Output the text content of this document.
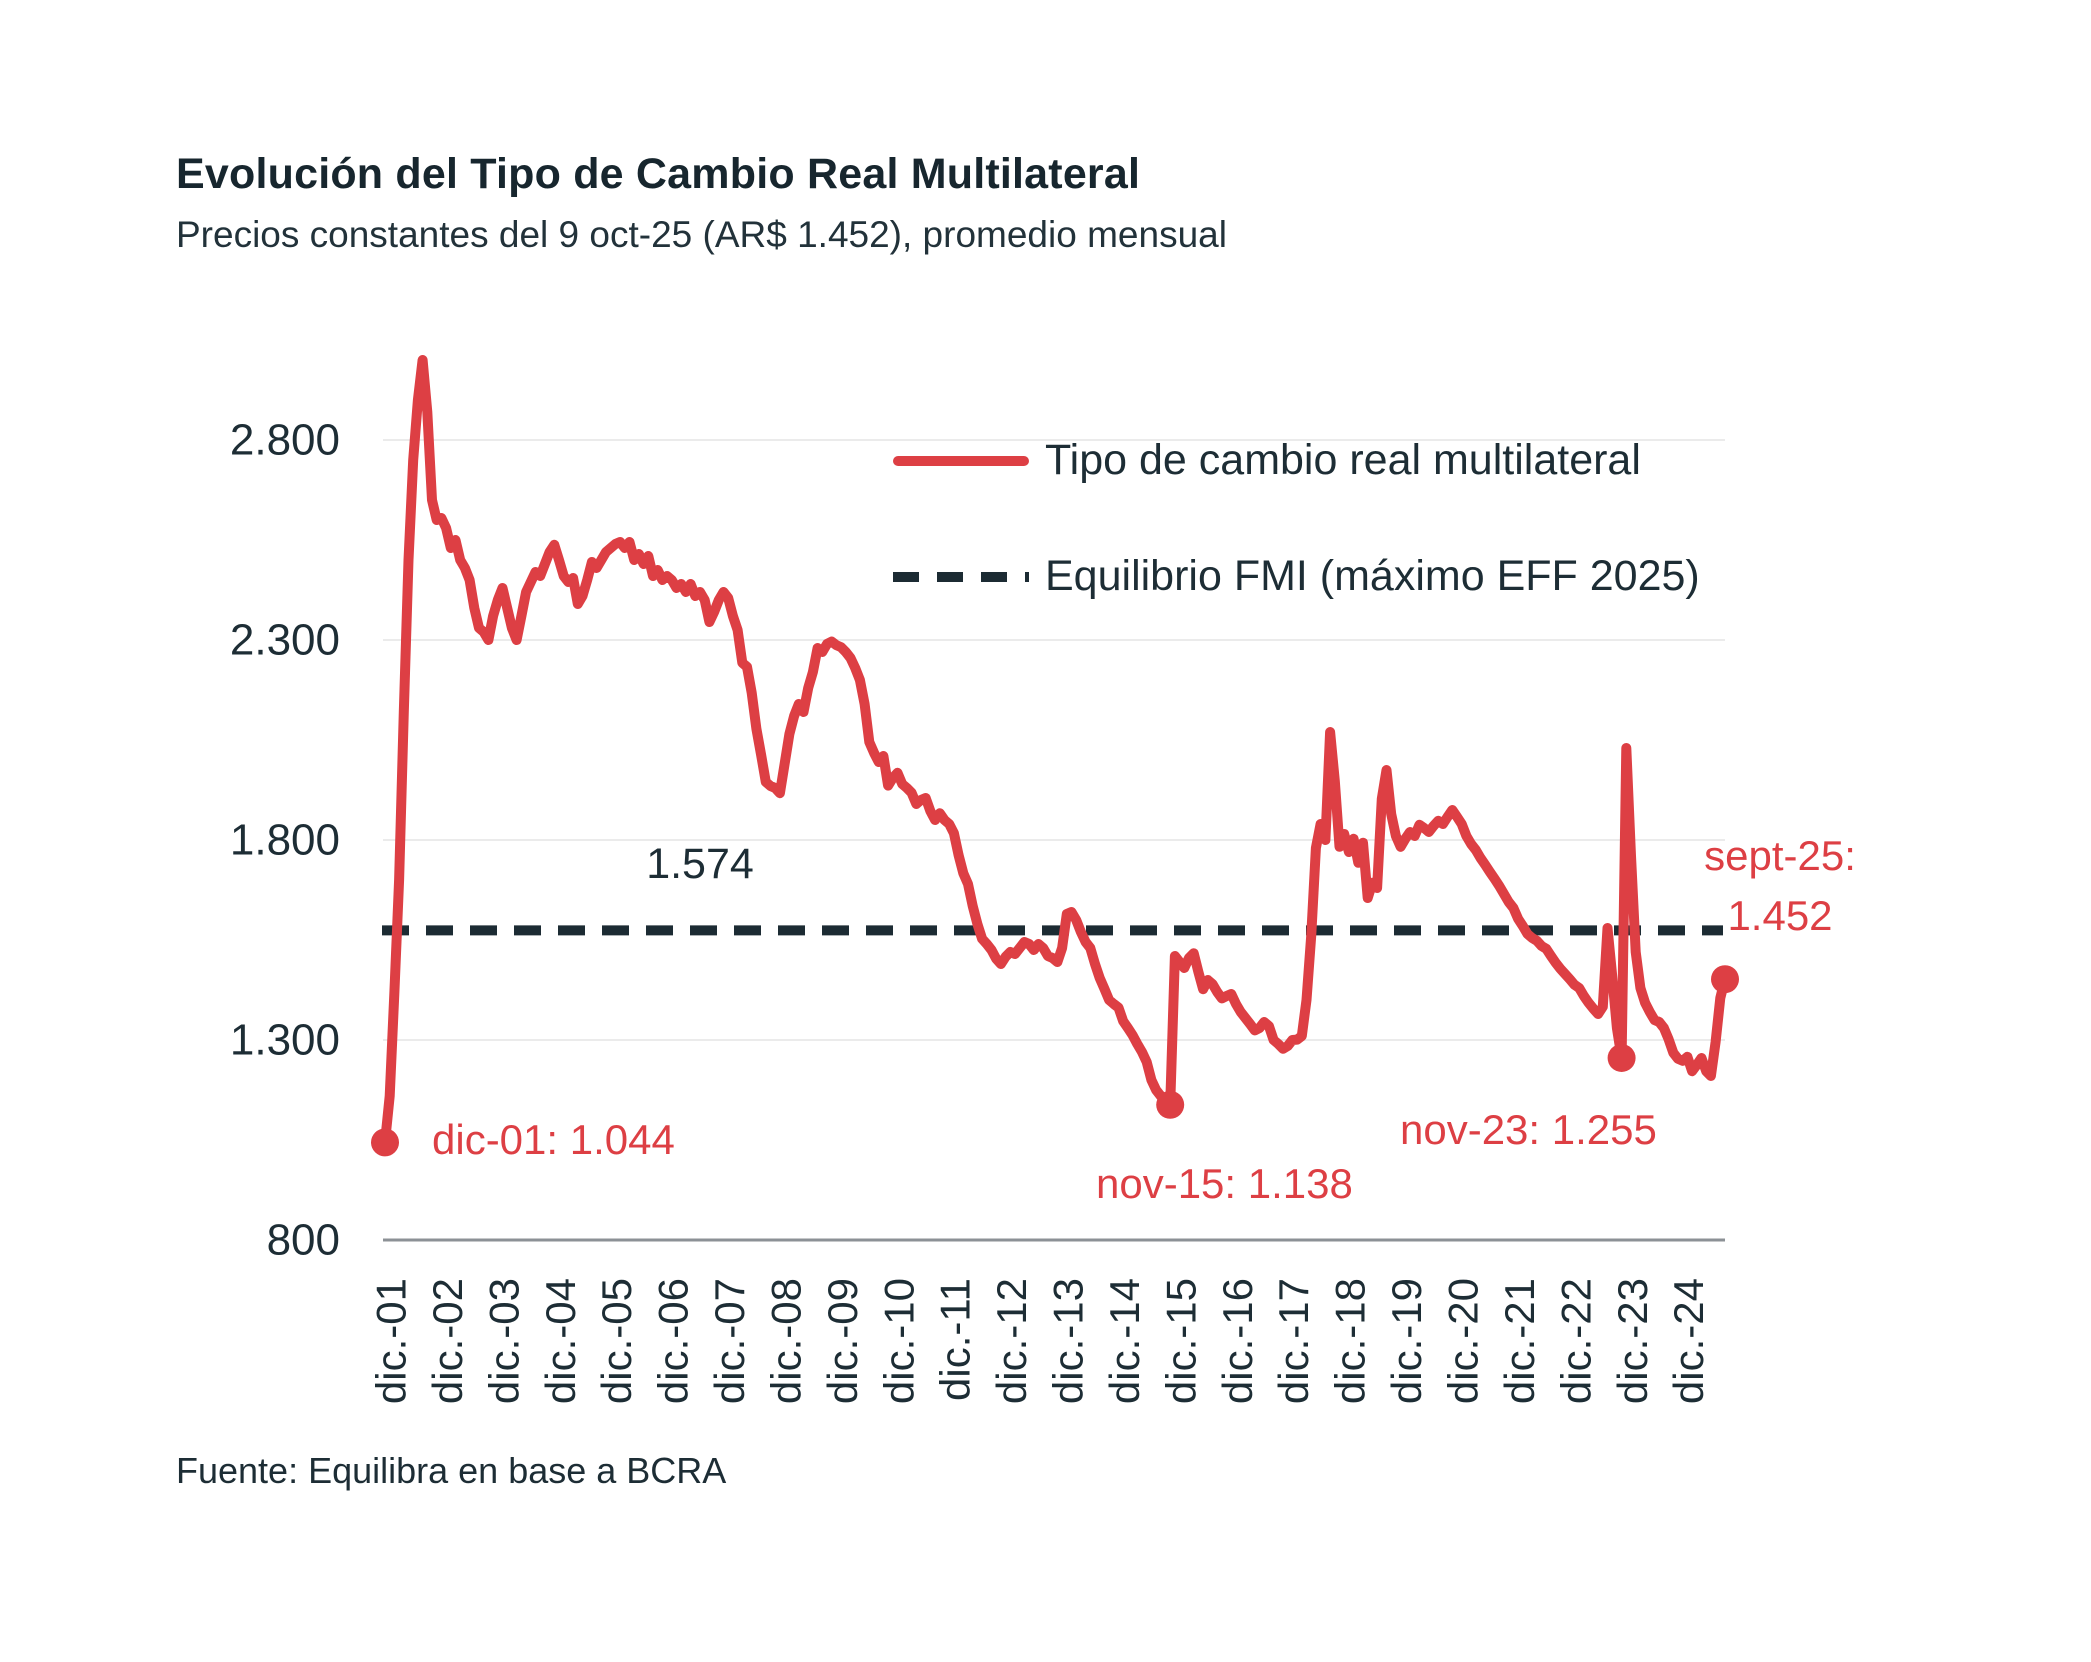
Evolución del Tipo de Cambio Real Multilateral
Precios constantes del 9 oct-25 (AR$ 1.452), promedio mensual
2.800
2.300
1.800
1.300
800
dic.-01 dic.-02 dic.-03 dic.-04 dic.-05 dic.-06 dic.-07 dic.-08 dic.-09 dic.-10 dic.-11 dic.-12 dic.-13 dic.-14 dic.-15 dic.-16 dic.-17 dic.-18 dic.-19 dic.-20 dic.-21 dic.-22 dic.-23 dic.-24
Tipo de cambio real multilateral
Equilibrio FMI (máximo EFF 2025)
1.574
dic-01: 1.044
nov-15: 1.138
nov-23: 1.255
sept-25:
1.452
Fuente: Equilibra en base a BCRA
